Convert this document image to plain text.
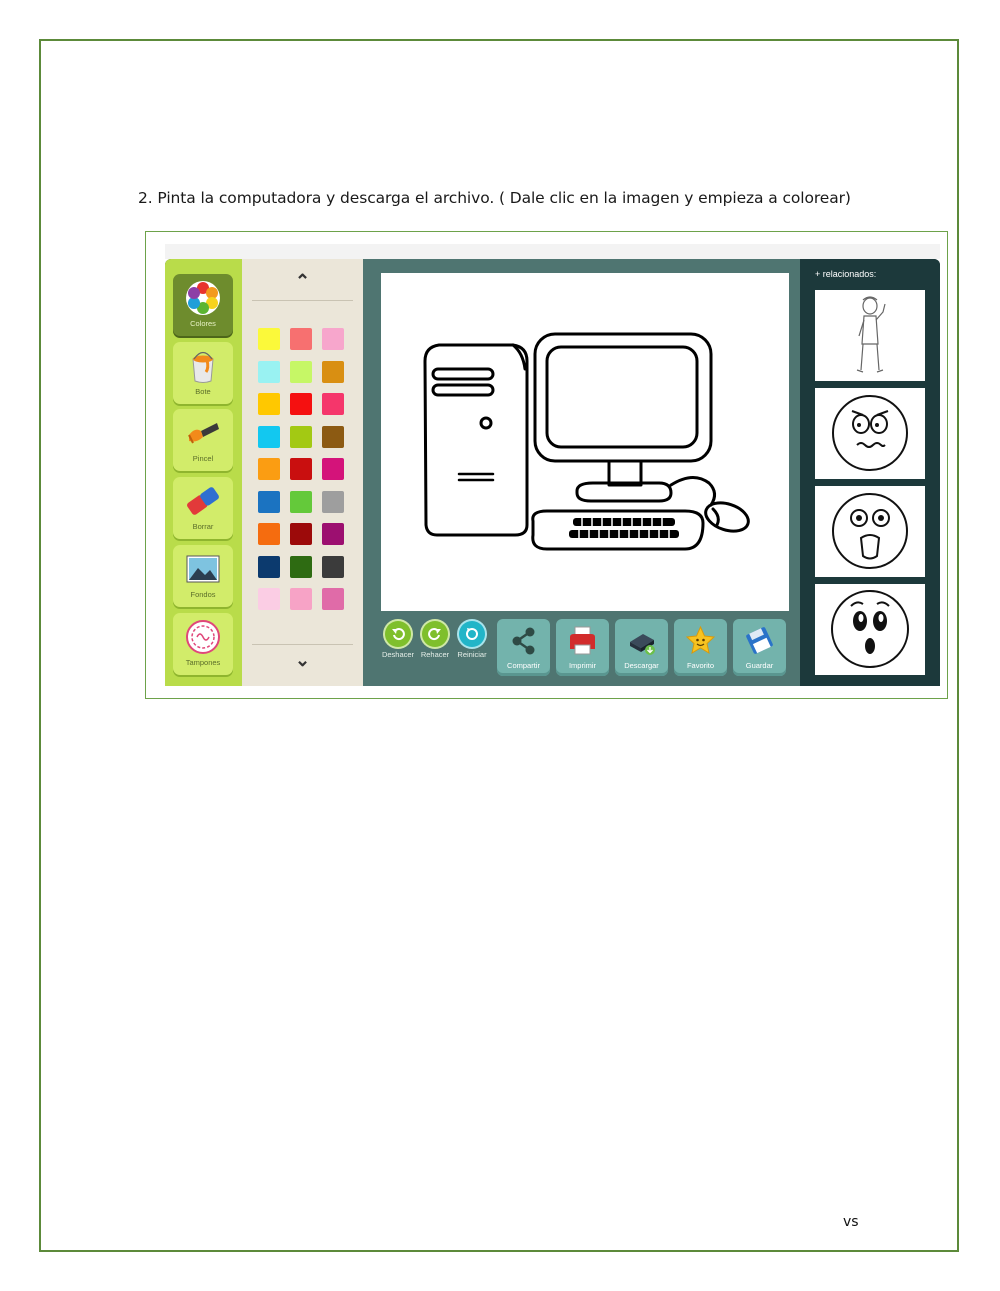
2. Pinta la computadora y descarga el archivo. ( Dale clic en la imagen y empieza a colorear)
Colores
Bote
Pincel
Borrar
Fondos
Tampones
⌃
⌄	Deshacer Rehacer	Reiniciar
Compartir	Imprimir	Descargar	Favorito	Guardar
+ relacionados:
vs
